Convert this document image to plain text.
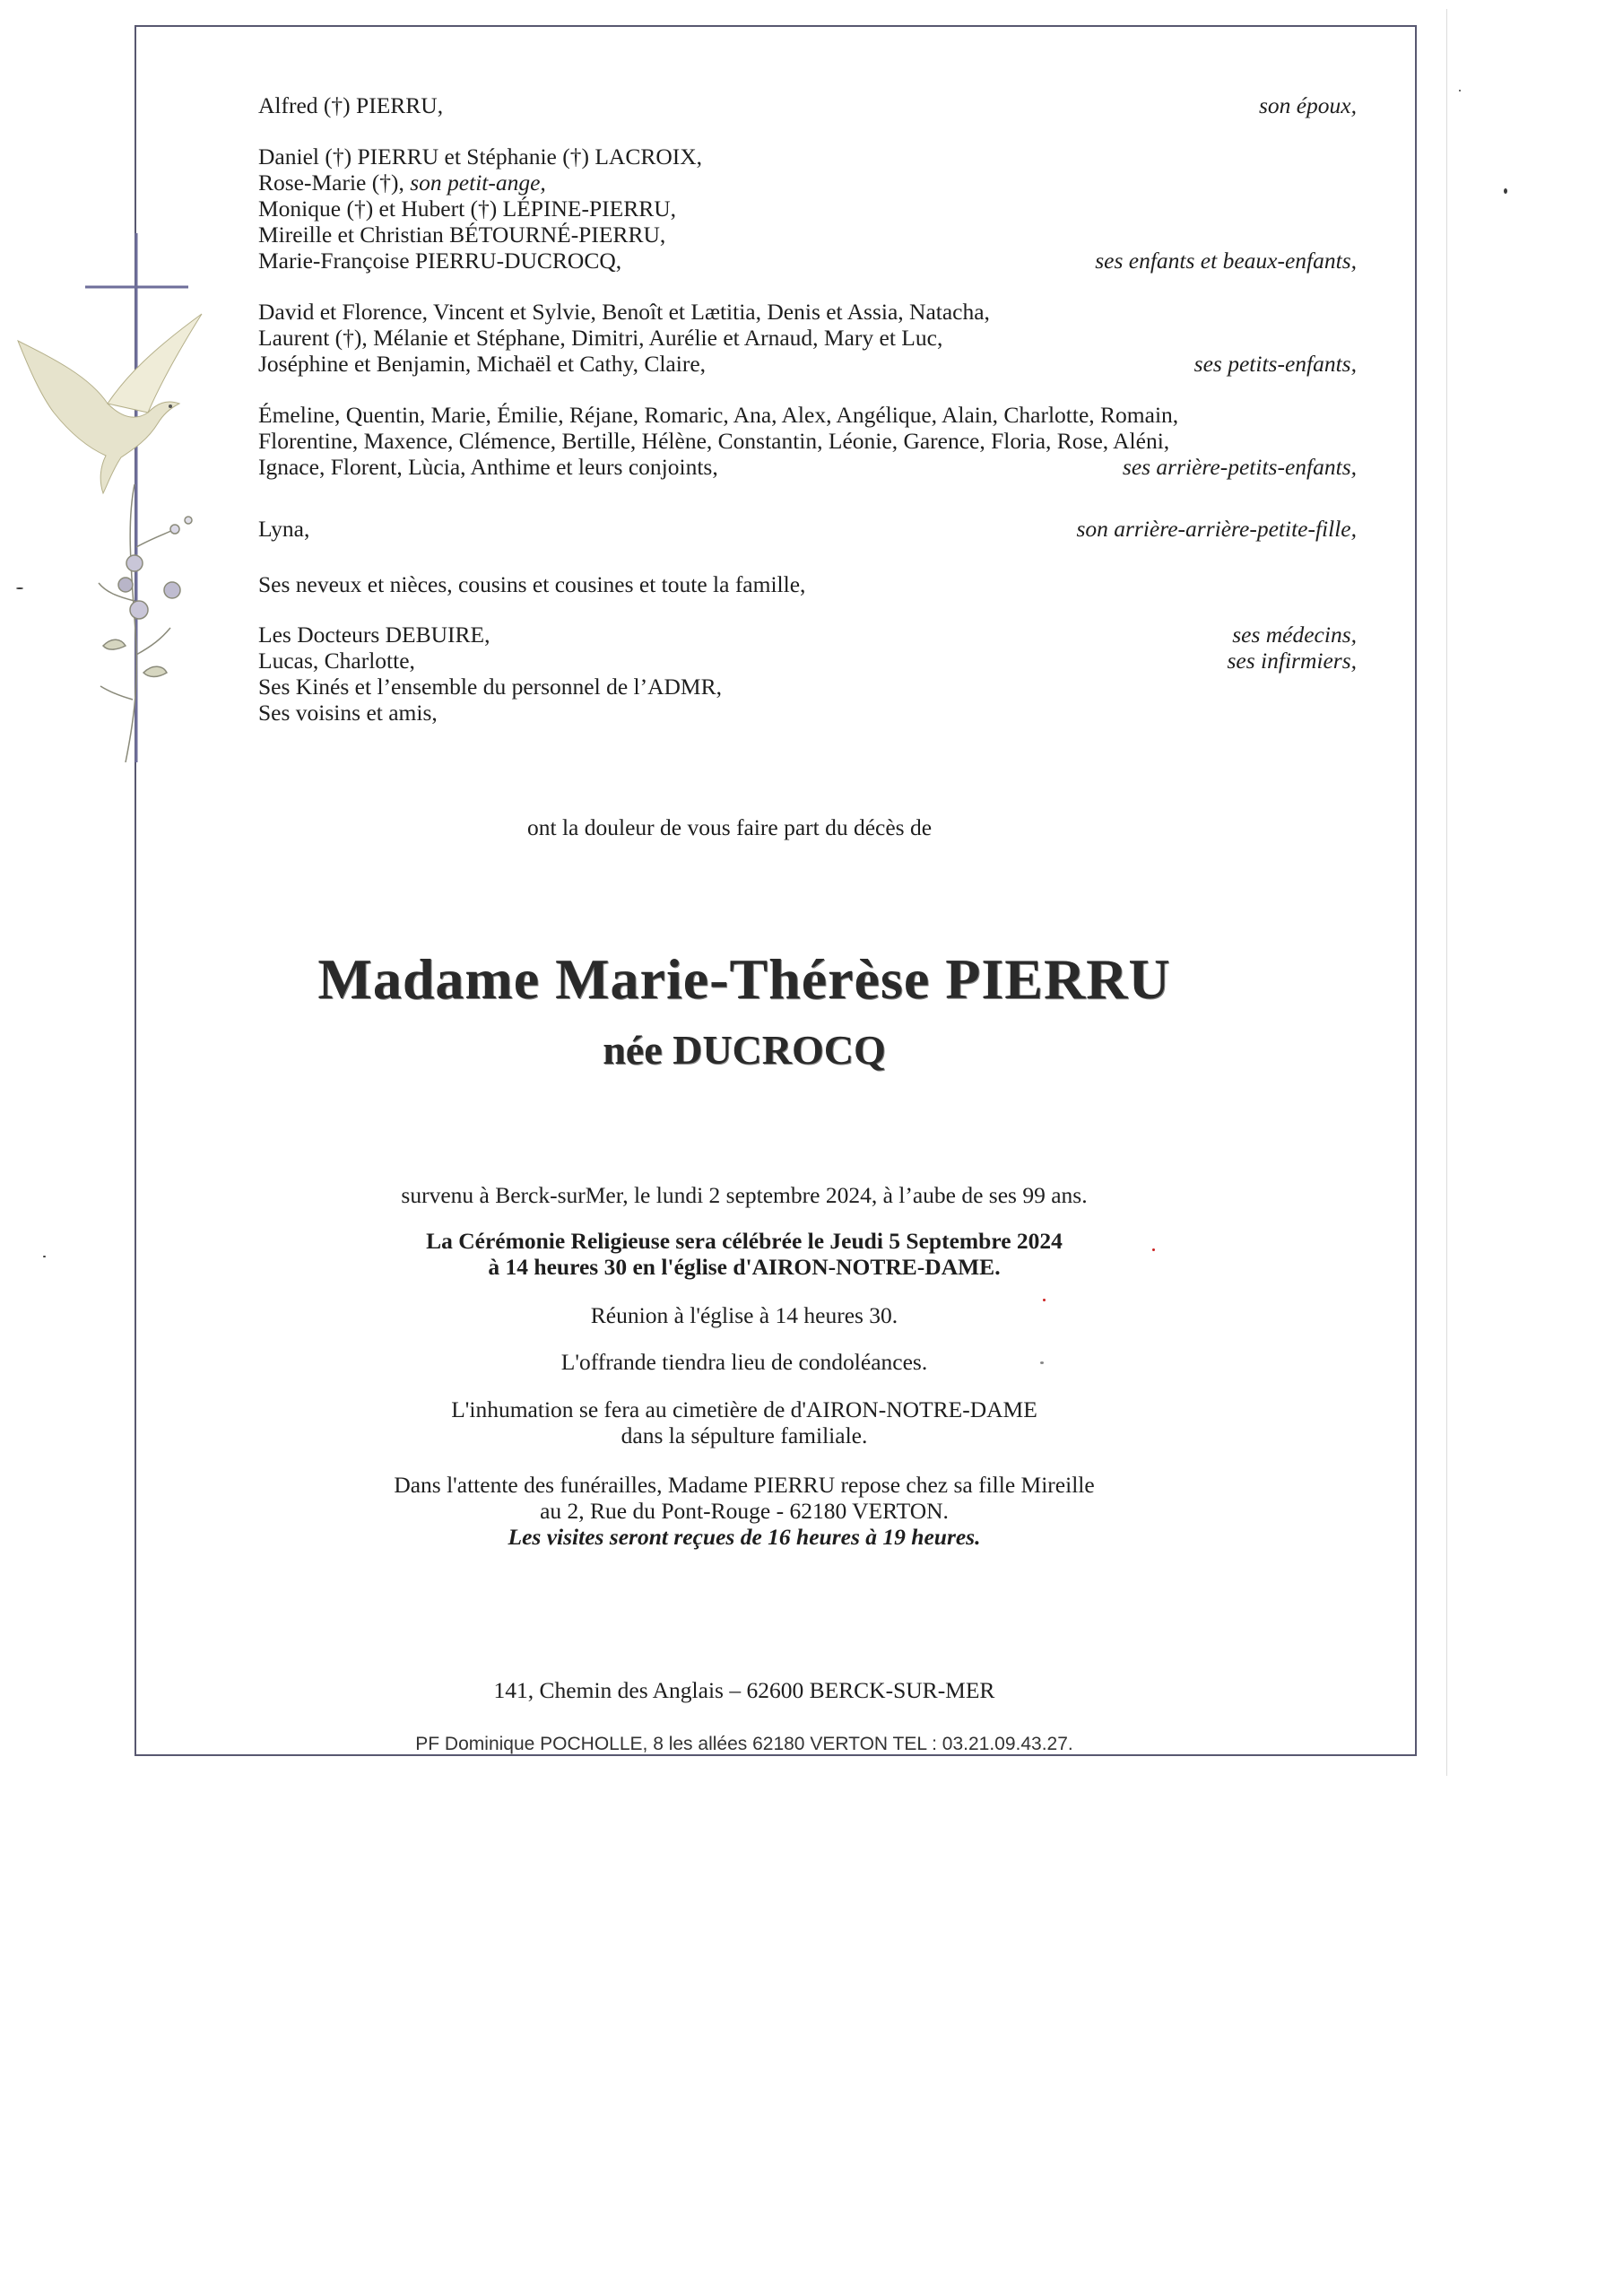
Alfred (†) PIERRU,	son époux,
Daniel (†) PIERRU et Stéphanie (†) LACROIX,
Rose-Marie (†), son petit-ange,
Monique (†) et Hubert (†) LÉPINE-PIERRU,
Mireille et Christian BÉTOURNÉ-PIERRU,
Marie-Françoise PIERRU-DUCROCQ,	ses enfants et beaux-enfants,
David et Florence, Vincent et Sylvie, Benoît et Lætitia, Denis et Assia, Natacha,
Laurent (†), Mélanie et Stéphane, Dimitri, Aurélie et Arnaud, Mary et Luc,
Joséphine et Benjamin, Michaël et Cathy, Claire,	ses petits-enfants,
Émeline, Quentin, Marie, Émilie, Réjane, Romaric, Ana, Alex, Angélique, Alain, Charlotte, Romain,
Florentine, Maxence, Clémence, Bertille, Hélène, Constantin, Léonie, Garence, Floria, Rose, Aléni,
Ignace, Florent, Lùcia, Anthime et leurs conjoints,	ses arrière-petits-enfants,
Lyna,	son arrière-arrière-petite-fille,
Ses neveux et nièces, cousins et cousines et toute la famille,
Les Docteurs DEBUIRE,	ses médecins,
Lucas, Charlotte,	ses infirmiers,
Ses Kinés et l’ensemble du personnel de l’ADMR,
Ses voisins et amis,
ont la douleur de vous faire part du décès de
Madame Marie-Thérèse PIERRU
née DUCROCQ
survenu à Berck-surMer, le lundi 2 septembre 2024, à l’aube de ses 99 ans.
La Cérémonie Religieuse sera célébrée le Jeudi 5 Septembre 2024
à 14 heures 30 en l'église d'AIRON-NOTRE-DAME.
Réunion à l'église à 14 heures 30.
L'offrande tiendra lieu de condoléances.
L'inhumation se fera au cimetière de d'AIRON-NOTRE-DAME
dans la sépulture familiale.
Dans l'attente des funérailles, Madame PIERRU repose chez sa fille Mireille
au 2, Rue du Pont-Rouge - 62180 VERTON.
Les visites seront reçues de 16 heures à 19 heures.
141, Chemin des Anglais – 62600 BERCK-SUR-MER
PF Dominique POCHOLLE, 8 les allées 62180 VERTON TEL : 03.21.09.43.27.
